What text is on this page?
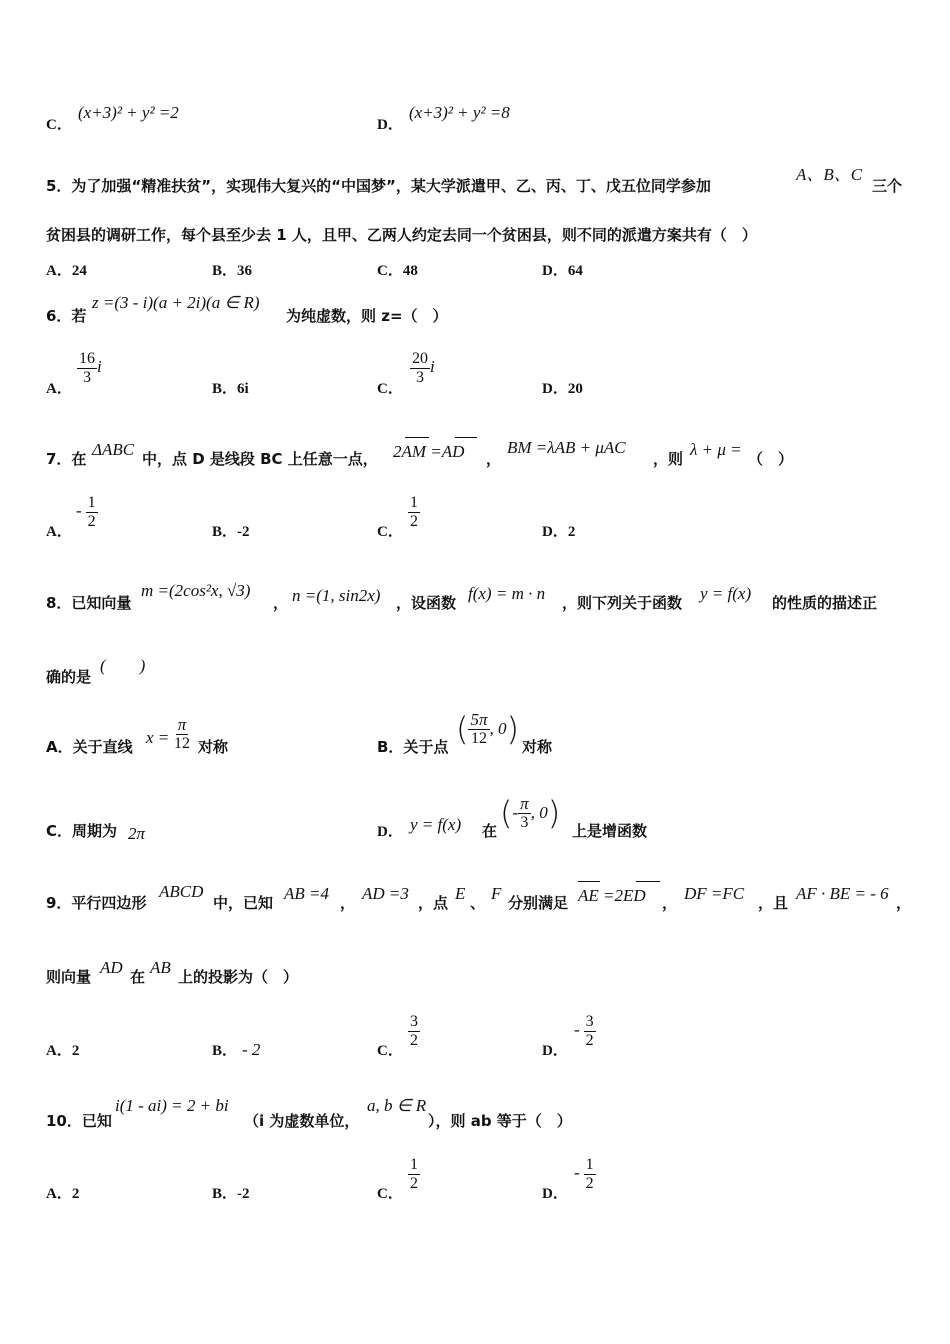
C．
(x+3)² + y² =2
D．
(x+3)² + y² =8
5．为了加强“精准扶贫”，实现伟大复兴的“中国梦”，某大学派遣甲、乙、丙、丁、戊五位同学参加
A、B、C
三个
贫困县的调研工作，每个县至少去 1 人，且甲、乙两人约定去同一个贫困县，则不同的派遣方案共有（　）
A．24	B．36	C．48	D．64
6．若
z =(3 - i)(a + 2i)(a ∈ R)
为纯虚数，则 z=（　）
A．
$\frac{16}{3}$ i
B．6i	C．
$\frac{20}{3}$ i
D．20
7．在 ΔABC 中，点 D 是线段 BC 上任意一点， 2AM =AD ，
BM =λAB + μAC
，则 λ + μ = （　）
A．
- $\frac{1}{2}$
B．-2	C．
$\frac{1}{2}$
D．2
8．已知向量
m =(2cos²x, √3)
， n =(1, sin2x) ，设函数 f(x) = m · n ，则下列关于函数 y = f(x) 的性质的描述正
确的是
(　　)
A．关于直线 $x = \frac{\pi}{12}$ 对称	B．关于点 ( $\frac{5\pi}{12}$ , 0) 对称
C．周期为 2π	D． y = f(x) 在 (- $\frac{\pi}{3}$ , 0) 上是增函数
9．平行四边形
ABCD
中，已知 AB =4 ， AD =3 ，点 E 、 F 分别满足 AE =2ED ， DF =FC ，且 AF · BE = - 6 ，
则向量 AD 在 AB 上的投影为（　）
A．2	B． - 2	C．
$\frac{3}{2}$
D．
- $\frac{3}{2}$
10．已知
i(1 - ai) = 2 + bi
（i 为虚数单位，
a, b ∈ R
），则 ab 等于（　）
A．2	B．-2	C．
$\frac{1}{2}$
D．
- $\frac{1}{2}$
